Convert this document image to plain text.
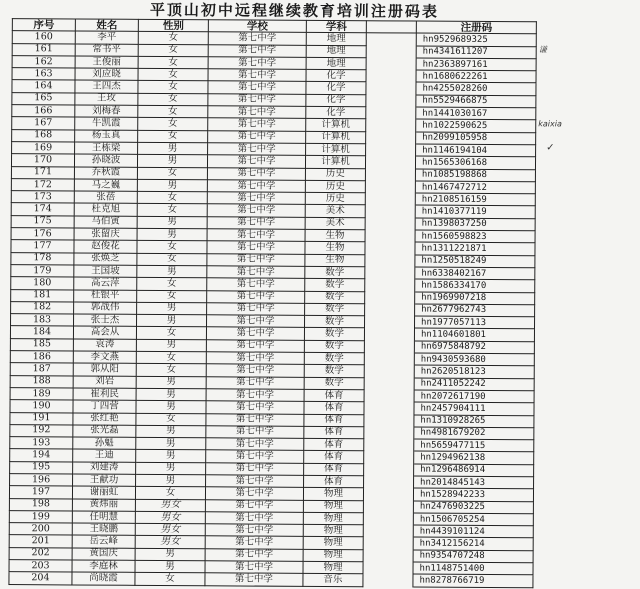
平顶山初中远程继续教育培训注册码表
序号	姓名	性别	学校	学科		注册码	
160	李平	女	第七中学	地理		hn9529689325	
161	常书平	女	第七中学	地理		hn4341611207	谦

162	王俊丽	女	第七中学	地理		hn2363897161	
163	刘应晓	女	第七中学	化学		hn1680622261	
164	王四杰	女	第七中学	化学		hn4255028260	
165	王玫	女	第七中学	化学		hn5529466875	
166	刘梅春	女	第七中学	化学		hn1441030167	
167	牛凯霞	女	第七中学	计算机		hn1022590625	kaixia

168	杨玉真	女	第七中学	计算机		hn2099105958	
169	王栋梁	男	第七中学	计算机		hn1146194104	✓

170	孙晓波	男	第七中学	计算机		hn1565306168	
171	乔秋霞	女	第七中学	历史		hn1085198868	
172	马之巍	男	第七中学	历史		hn1467472712	
173	张蓓	女	第七中学	历史		hn2108516159	
174	杜克旭	女	第七中学	美术		hn1410377119	
175	马伯寅	男	第七中学	美术		hn1398037250	
176	张留庆	男	第七中学	生物		hn1560598823	
177	赵俊花	女	第七中学	生物		hn1311221871	
178	张焕芝	女	第七中学	生物		hn1250518249	
179	王国坡	男	第七中学	数学		hn6338402167	
180	高云萍	女	第七中学	数学		hn1586334170	
181	杜银平	女	第七中学	数学		hn1969907218	
182	郭战伟	男	第七中学	数学		hn2677962743	
183	张士杰	男	第七中学	数学		hn1977057113	
184	高会从	女	第七中学	数学		hn1104601801	
185	袁涛	男	第七中学	数学		hn6975848792	
186	李文燕	女	第七中学	数学		hn9430593680	
187	郭从阳	女	第七中学	数学		hn2620518123	
188	刘岩	男	第七中学	数学		hn2411052242	
189	崔利民	男	第七中学	体育		hn2072617190	
190	丁四营	男	第七中学	体育		hn2457904111	
191	张红艳	女	第七中学	体育		hn1310928265	
192	张光磊	男	第七中学	体育		hn4981679202	
193	孙魁	男	第七中学	体育		hn5659477115	
194	王迪	男	第七中学	体育		hn1294962138	
195	刘建涛	男	第七中学	体育		hn1296486914	
196	王献功	男	第七中学	体育		hn2014845143	
197	谢丽虹	女	第七中学	物理		hn1528942233	
198	黄炜丽	男女	第七中学	物理		hn2476903225	
199	任明慧	男女	第七中学	物理		hn1506705254	
200	王晓鹏	男女	第七中学	物理		hn4439101124	
201	岳云峰	男女	第七中学	物理		hn3412156214	
202	黄国庆	男	第七中学	物理		hn9354707248	
203	李庭林	男	第七中学	物理		hn1148751400	
204	尚晓霞	女	第七中学	音乐		hn8278766719	
